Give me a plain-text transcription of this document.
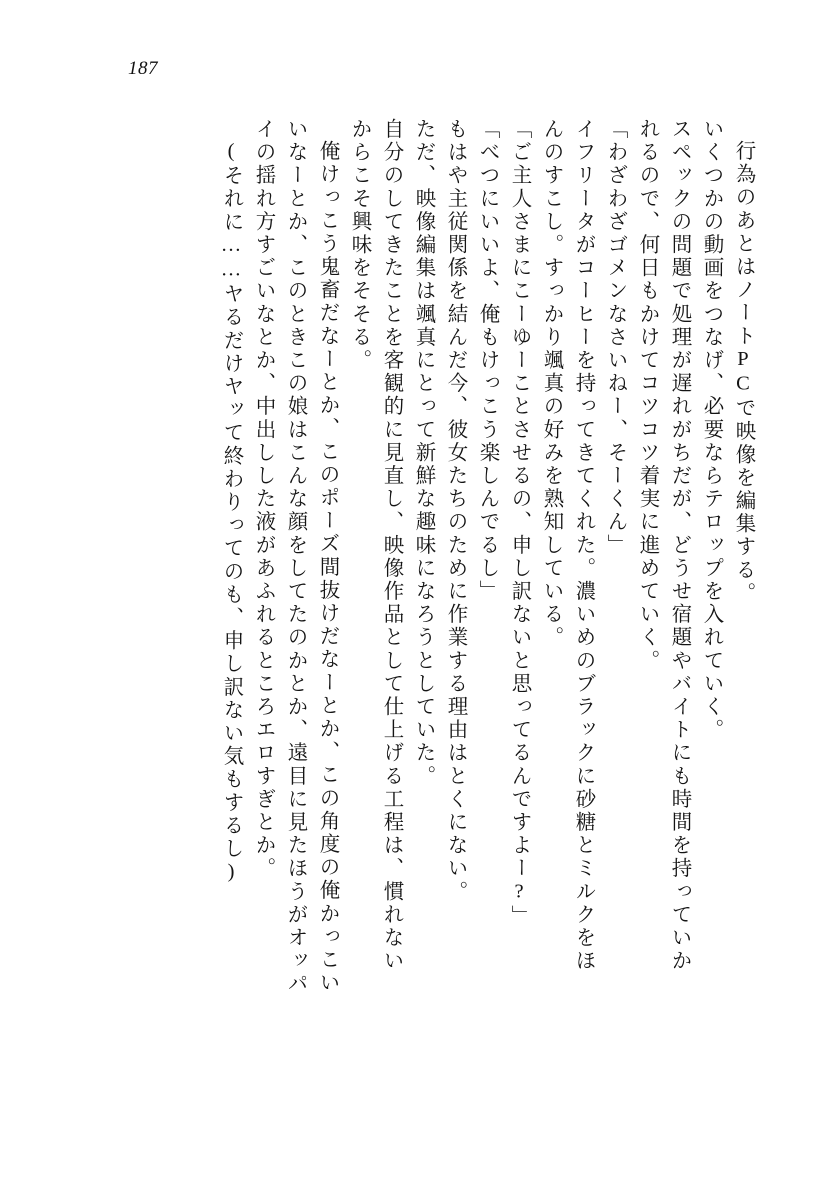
187
行為のあとはノートPCで映像を編集する。
いくつかの動画をつなげ、必要ならテロップを入れていく。
スペックの問題で処理が遅れがちだが、どうせ宿題やバイトにも時間を持っていか
れるので、何日もかけてコツコツ着実に進めていく。
「わざわざゴメンなさいねー、そーくん」
イフリータがコーヒーを持ってきてくれた。濃いめのブラックに砂糖とミルクをほ
んのすこし。すっかり颯真の好みを熟知している。
「ご主人さまにこーゆーことさせるの、申し訳ないと思ってるんですよー?」
「べつにいいよ、俺もけっこう楽しんでるし」
もはや主従関係を結んだ今、彼女たちのために作業する理由はとくにない。
ただ、映像編集は颯真にとって新鮮な趣味になろうとしていた。
自分のしてきたことを客観的に見直し、映像作品として仕上げる工程は、慣れない
からこそ興味をそそる。
俺けっこう鬼畜だなーとか、このポーズ間抜けだなーとか、この角度の俺かっこい
いなーとか、このときこの娘はこんな顔をしてたのかとか、遠目に見たほうがオッパ
イの揺れ方すごいなとか、中出しした液があふれるところエロすぎとか。
(それに……ヤるだけヤッて終わりってのも、申し訳ない気もするし)
